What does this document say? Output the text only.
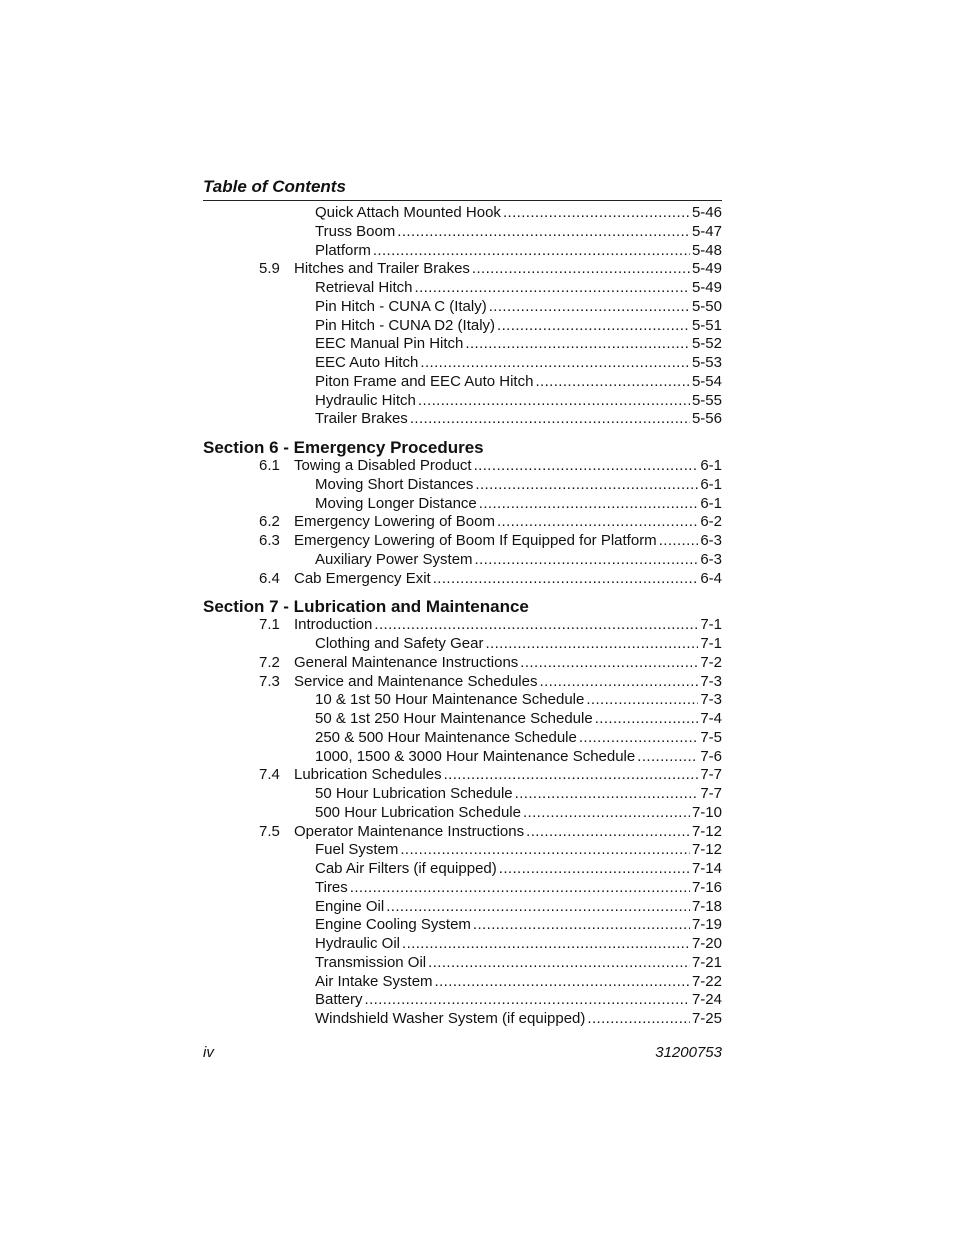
Table of Contents
Quick Attach Mounted Hook .....	5-46
Truss Boom .....	5-47
Platform .....	5-48
5.9 Hitches and Trailer Brakes .....	5-49
Retrieval Hitch .....	5-49
Pin Hitch - CUNA C (Italy) .....	5-50
Pin Hitch - CUNA D2 (Italy) .....	5-51
EEC Manual Pin Hitch .....	5-52
EEC Auto Hitch .....	5-53
Piton Frame and EEC Auto Hitch .....	5-54
Hydraulic Hitch .....	5-55
Trailer Brakes .....	5-56
Section 6 - Emergency Procedures
6.1 Towing a Disabled Product .....	6-1
Moving Short Distances .....	6-1
Moving Longer Distance .....	6-1
6.2 Emergency Lowering of Boom .....	6-2
6.3 Emergency Lowering of Boom If Equipped for Platform .....	6-3
Auxiliary Power System .....	6-3
6.4 Cab Emergency Exit .....	6-4
Section 7 - Lubrication and Maintenance
7.1 Introduction .....	7-1
Clothing and Safety Gear .....	7-1
7.2 General Maintenance Instructions .....	7-2
7.3 Service and Maintenance Schedules .....	7-3
10 & 1st 50 Hour Maintenance Schedule .....	7-3
50 & 1st 250 Hour Maintenance Schedule .....	7-4
250 & 500 Hour Maintenance Schedule .....	7-5
1000, 1500 & 3000 Hour Maintenance Schedule .....	7-6
7.4 Lubrication Schedules .....	7-7
50 Hour Lubrication Schedule .....	7-7
500 Hour Lubrication Schedule .....	7-10
7.5 Operator Maintenance Instructions .....	7-12
Fuel System .....	7-12
Cab Air Filters (if equipped) .....	7-14
Tires .....	7-16
Engine Oil .....	7-18
Engine Cooling System .....	7-19
Hydraulic Oil .....	7-20
Transmission Oil .....	7-21
Air Intake System .....	7-22
Battery .....	7-24
Windshield Washer System (if equipped) .....	7-25
iv	31200753
